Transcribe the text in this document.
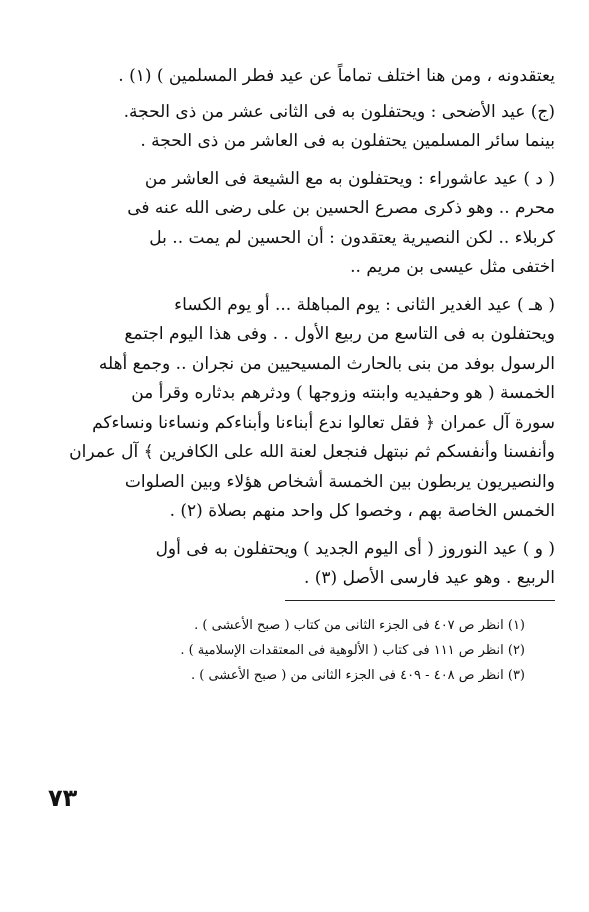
يعتقدونه ، ومن هنا اختلف تماماً عن عيد فطر المسلمين ) (١) .
(ج) عيد الأضحى : ويحتفلون به فى الثانى عشر من ذى الحجة.
بينما سائر المسلمين يحتفلون به فى العاشر من ذى الحجة .
( د ) عيد عاشوراء : ويحتفلون به مع الشيعة فى العاشر من
محرم .. وهو ذكرى مصرع الحسين بن على رضى الله عنه فى
كربلاء .. لكن النصيرية يعتقدون : أن الحسين لم يمت .. بل
اختفى مثل عيسى بن مريم ..
( هـ ) عيد الغدير الثانى : يوم المباهلة ... أو يوم الكساء
ويحتفلون به فى التاسع من ربيع الأول . . وفى هذا اليوم اجتمع
الرسول بوفد من بنى بالحارث المسيحيين من نجران .. وجمع أهله
الخمسة ( هو وحفيديه وابنته وزوجها ) ودثرهم بدثاره وقرأ من
سورة آل عمران ﴿ فقل تعالوا ندع أبناءنا وأبناءكم ونساءنا ونساءكم
وأنفسنا وأنفسكم ثم نبتهل فنجعل لعنة الله على الكافرين ﴾ آل عمران
والنصيريون يربطون بين الخمسة أشخاص هؤلاء وبين الصلوات
الخمس الخاصة بهم ، وخصوا كل واحد منهم بصلاة (٢) .
( و ) عيد النوروز ( أى اليوم الجديد ) ويحتفلون به فى أول
الربيع . وهو عيد فارسى الأصل (٣) .
(١) انظر ص ٤٠٧ فى الجزء الثانى من كتاب ( صبح الأعشى ) .
(٢) انظر ص ١١١ فى كتاب ( الألوهية فى المعتقدات الإسلامية ) .
(٣) انظر ص ٤٠٨ - ٤٠٩ فى الجزء الثانى من ( صبح الأعشى ) .
٧٣
